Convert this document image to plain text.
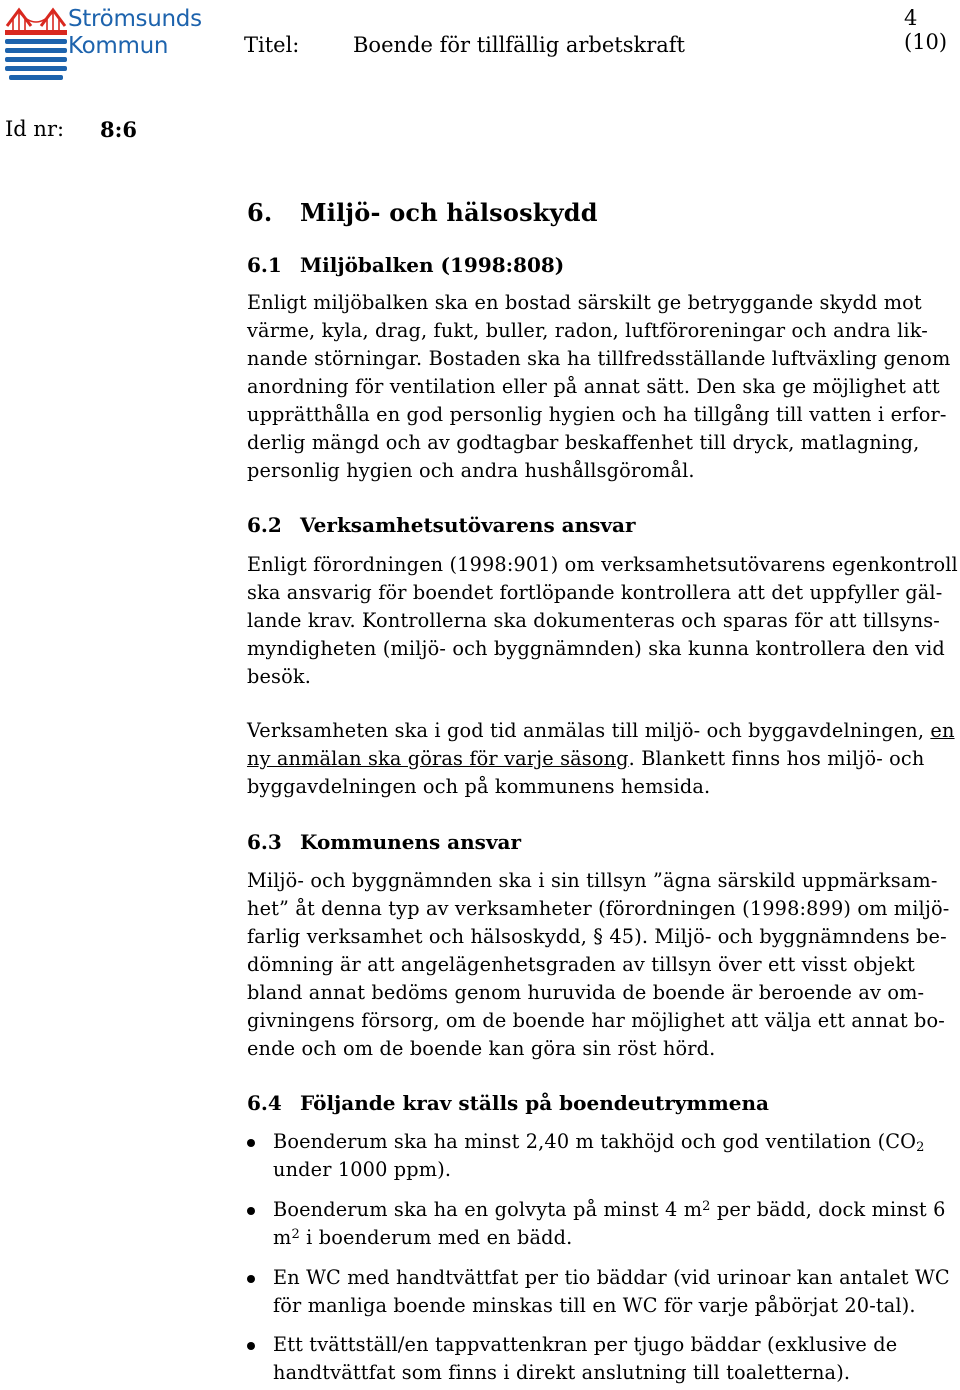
Strömsunds
Kommun	Titel:	Boende för tillfällig arbetskraft
4 (10)
Id nr: 8:6
6. Miljö- och hälsoskydd
6.1 Miljöbalken (1998:808)
Enligt miljöbalken ska en bostad särskilt ge betryggande skydd mot
värme, kyla, drag, fukt, buller, radon, luftföroreningar och andra lik-
nande störningar. Bostaden ska ha tillfredsställande luftväxling genom
anordning för ventilation eller på annat sätt. Den ska ge möjlighet att
upprätthålla en god personlig hygien och ha tillgång till vatten i erfor-
derlig mängd och av godtagbar beskaffenhet till dryck, matlagning,
personlig hygien och andra hushållsgöromål.
6.2 Verksamhetsutövarens ansvar
Enligt förordningen (1998:901) om verksamhetsutövarens egenkontroll
ska ansvarig för boendet fortlöpande kontrollera att det uppfyller gäl-
lande krav. Kontrollerna ska dokumenteras och sparas för att tillsyns-
myndigheten (miljö- och byggnämnden) ska kunna kontrollera den vid
besök.
Verksamheten ska i god tid anmälas till miljö- och byggavdelningen, en
ny anmälan ska göras för varje säsong. Blankett finns hos miljö- och
byggavdelningen och på kommunens hemsida.
6.3 Kommunens ansvar
Miljö- och byggnämnden ska i sin tillsyn ”ägna särskild uppmärksam-
het” åt denna typ av verksamheter (förordningen (1998:899) om miljö-
farlig verksamhet och hälsoskydd, § 45). Miljö- och byggnämndens be-
dömning är att angelägenhetsgraden av tillsyn över ett visst objekt
bland annat bedöms genom huruvida de boende är beroende av om-
givningens försorg, om de boende har möjlighet att välja ett annat bo-
ende och om de boende kan göra sin röst hörd.
6.4 Följande krav ställs på boendeutrymmena
Boenderum ska ha minst 2,40 m takhöjd och god ventilation ($CO_2$
under 1000 ppm).
Boenderum ska ha en golvyta på minst 4 $m^2$ per bädd, dock minst 6
$m^2$ i boenderum med en bädd.
En WC med handtvättfat per tio bäddar (vid urinoar kan antalet WC
för manliga boende minskas till en WC för varje påbörjat 20-tal).
Ett tvättställ/en tappvattenkran per tjugo bäddar (exklusive de
handtvättfat som finns i direkt anslutning till toaletterna).
